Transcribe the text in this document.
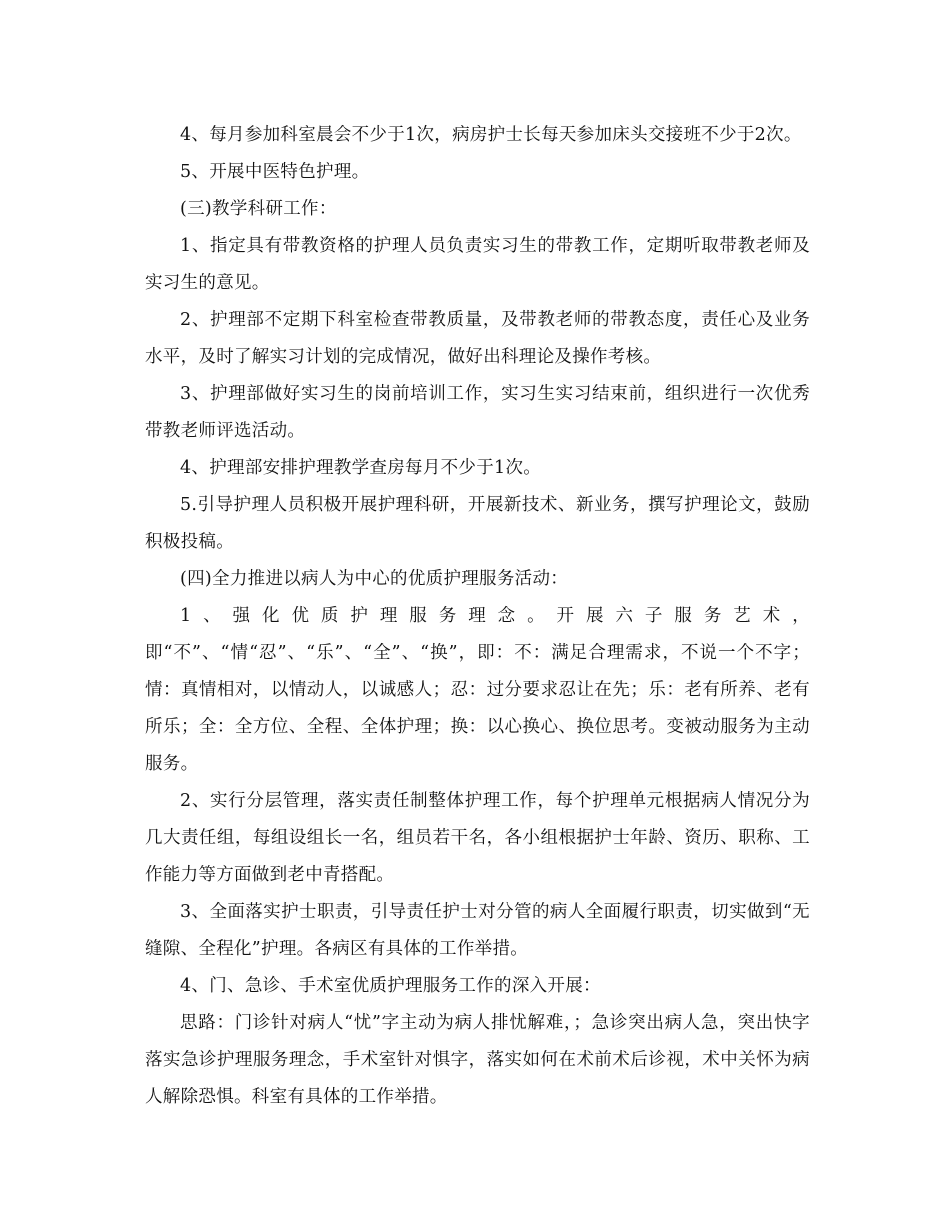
4、每月参加科室晨会不少于1次，病房护士长每天参加床头交接班不少于2次。

5、开展中医特色护理。

(三)教学科研工作：

1、指定具有带教资格的护理人员负责实习生的带教工作，定期听取带教老师及实习生的意见。

2、护理部不定期下科室检查带教质量，及带教老师的带教态度，责任心及业务水平，及时了解实习计划的完成情况，做好出科理论及操作考核。

3、护理部做好实习生的岗前培训工作，实习生实习结束前，组织进行一次优秀带教老师评选活动。

4、护理部安排护理教学查房每月不少于1次。

5.引导护理人员积极开展护理科研，开展新技术、新业务，撰写护理论文，鼓励积极投稿。

(四)全力推进以病人为中心的优质护理服务活动：

1、强化优质护理服务理念。开展六子服务艺术，即“不”、“情“忍”、“乐”、“全”、“换”，即：不：满足合理需求，不说一个不字；情：真情相对，以情动人，以诚感人；忍：过分要求忍让在先；乐：老有所养、老有所乐；全：全方位、全程、全体护理；换：以心换心、换位思考。变被动服务为主动服务。

2、实行分层管理，落实责任制整体护理工作，每个护理单元根据病人情况分为几大责任组，每组设组长一名，组员若干名，各小组根据护士年龄、资历、职称、工作能力等方面做到老中青搭配。

3、全面落实护士职责，引导责任护士对分管的病人全面履行职责，切实做到“无缝隙、全程化”护理。各病区有具体的工作举措。

4、门、急诊、手术室优质护理服务工作的深入开展：

思路：门诊针对病人“忧”字主动为病人排忧解难，；急诊突出病人急，突出快字落实急诊护理服务理念，手术室针对惧字，落实如何在术前术后诊视，术中关怀为病人解除恐惧。科室有具体的工作举措。
